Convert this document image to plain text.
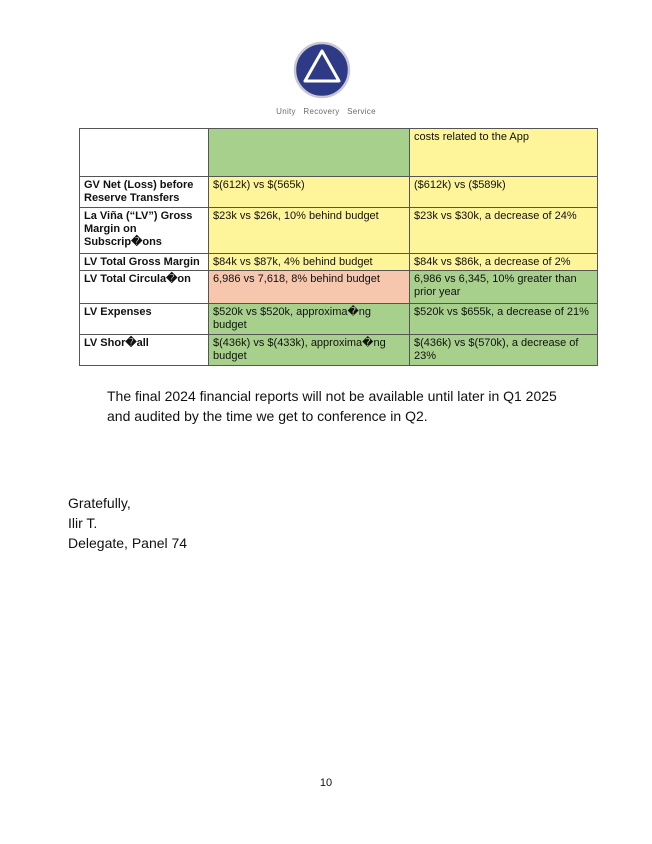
Unity Recovery Service
		costs related to the App
GV Net (Loss) before Reserve Transfers	$(612k) vs $(565k)	($612k) vs ($589k)
La Viña (“LV”) Gross Margin on Subscrip�ons	$23k vs $26k, 10% behind budget	$23k vs $30k, a decrease of 24%
LV Total Gross Margin	$84k vs $87k, 4% behind budget	$84k vs $86k, a decrease of 2%
LV Total Circula�on	6,986 vs 7,618, 8% behind budget	6,986 vs 6,345, 10% greater than prior year
LV Expenses	$520k vs $520k, approxima�ng budget	$520k vs $655k, a decrease of 21%
LV Shor�all	$(436k) vs $(433k), approxima�ng budget	$(436k) vs $(570k), a decrease of 23%
The final 2024 financial reports will not be available until later in Q1 2025 and audited by the time we get to conference in Q2.
Gratefully,
Ilir T.
Delegate, Panel 74
10
